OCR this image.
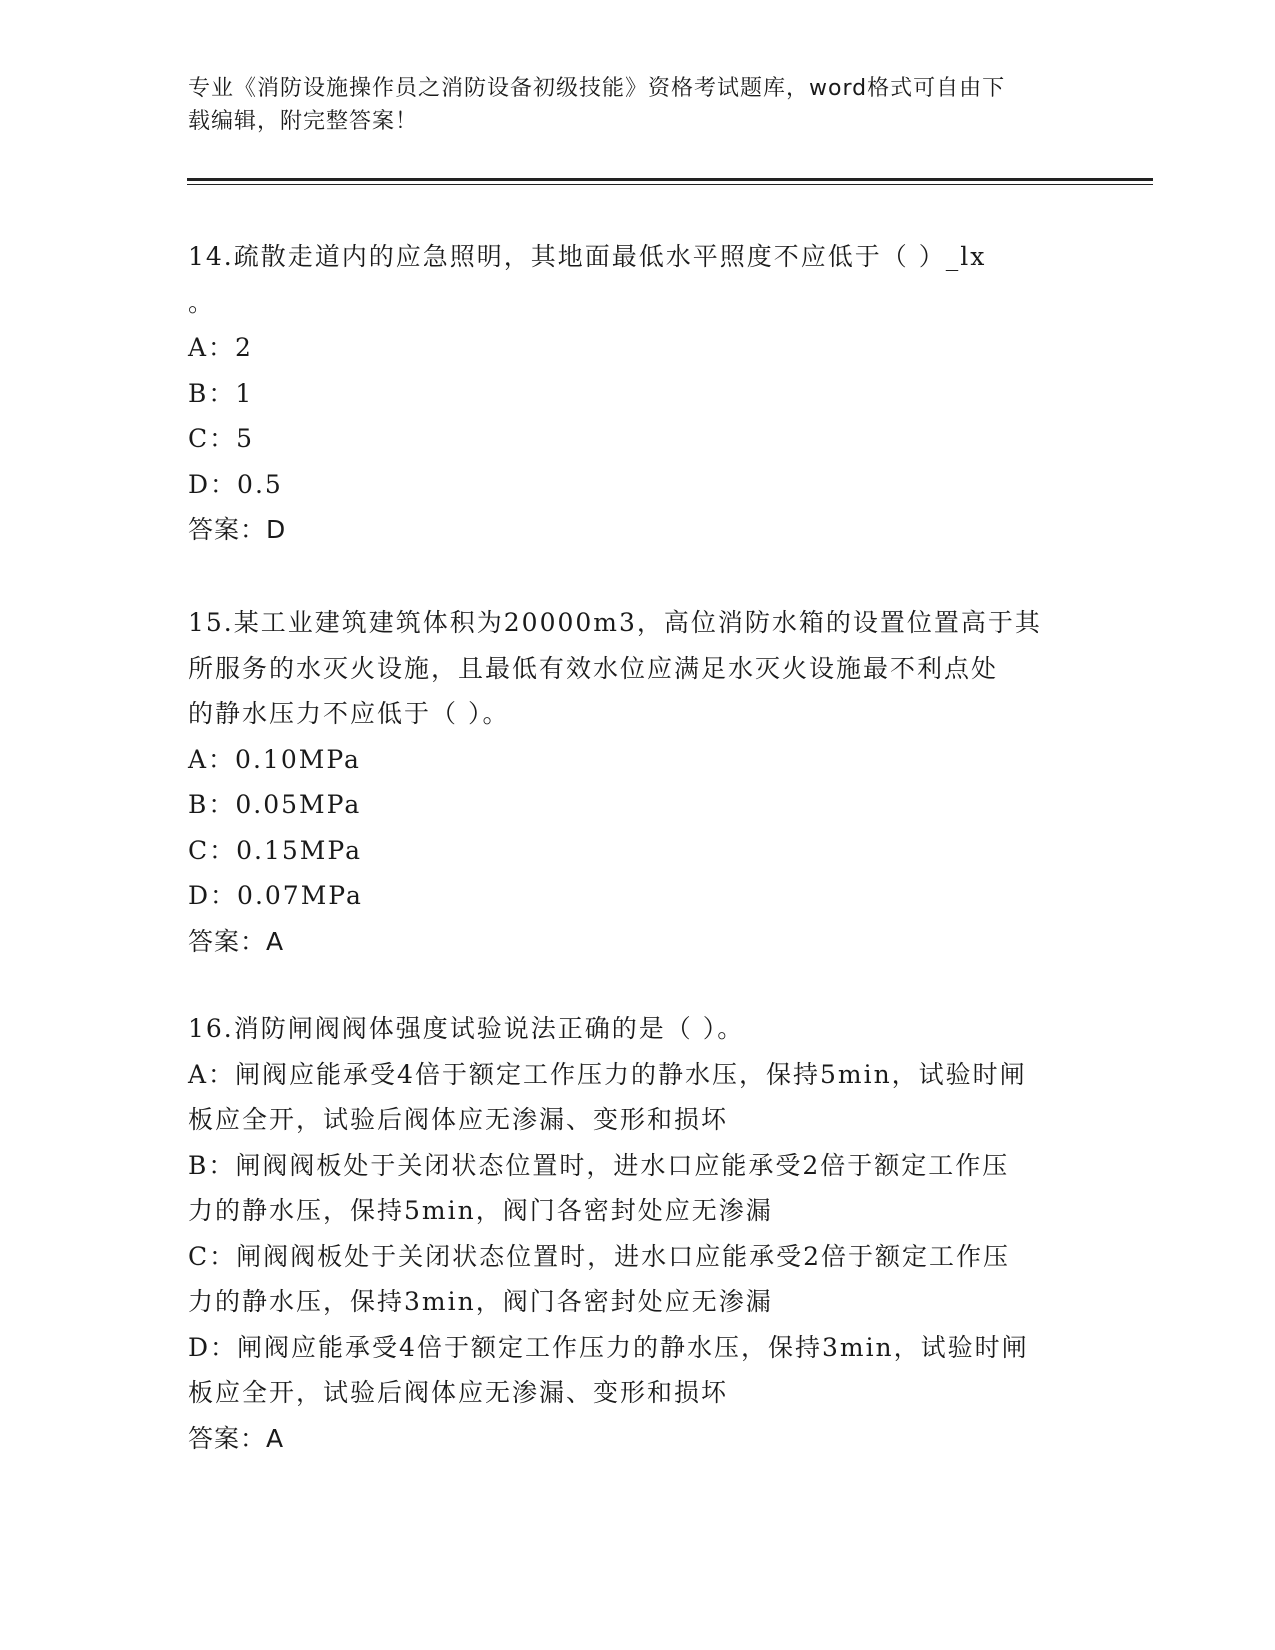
专业《消防设施操作员之消防设备初级技能》资格考试题库，word格式可自由下
载编辑，附完整答案！
14.疏散走道内的应急照明，其地面最低水平照度不应低于（ ）_lx
。
A：2
B：1
C：5
D：0.5
答案：D
15.某工业建筑建筑体积为20000m3，高位消防水箱的设置位置高于其
所服务的水灭火设施，且最低有效水位应满足水灭火设施最不利点处
的静水压力不应低于（ ）。
A：0.10MPa
B：0.05MPa
C：0.15MPa
D：0.07MPa
答案：A
16.消防闸阀阀体强度试验说法正确的是（ ）。
A：闸阀应能承受4倍于额定工作压力的静水压，保持5min，试验时闸
板应全开，试验后阀体应无渗漏、变形和损坏
B：闸阀阀板处于关闭状态位置时，进水口应能承受2倍于额定工作压
力的静水压，保持5min，阀门各密封处应无渗漏
C：闸阀阀板处于关闭状态位置时，进水口应能承受2倍于额定工作压
力的静水压，保持3min，阀门各密封处应无渗漏
D：闸阀应能承受4倍于额定工作压力的静水压，保持3min，试验时闸
板应全开，试验后阀体应无渗漏、变形和损坏
答案：A
